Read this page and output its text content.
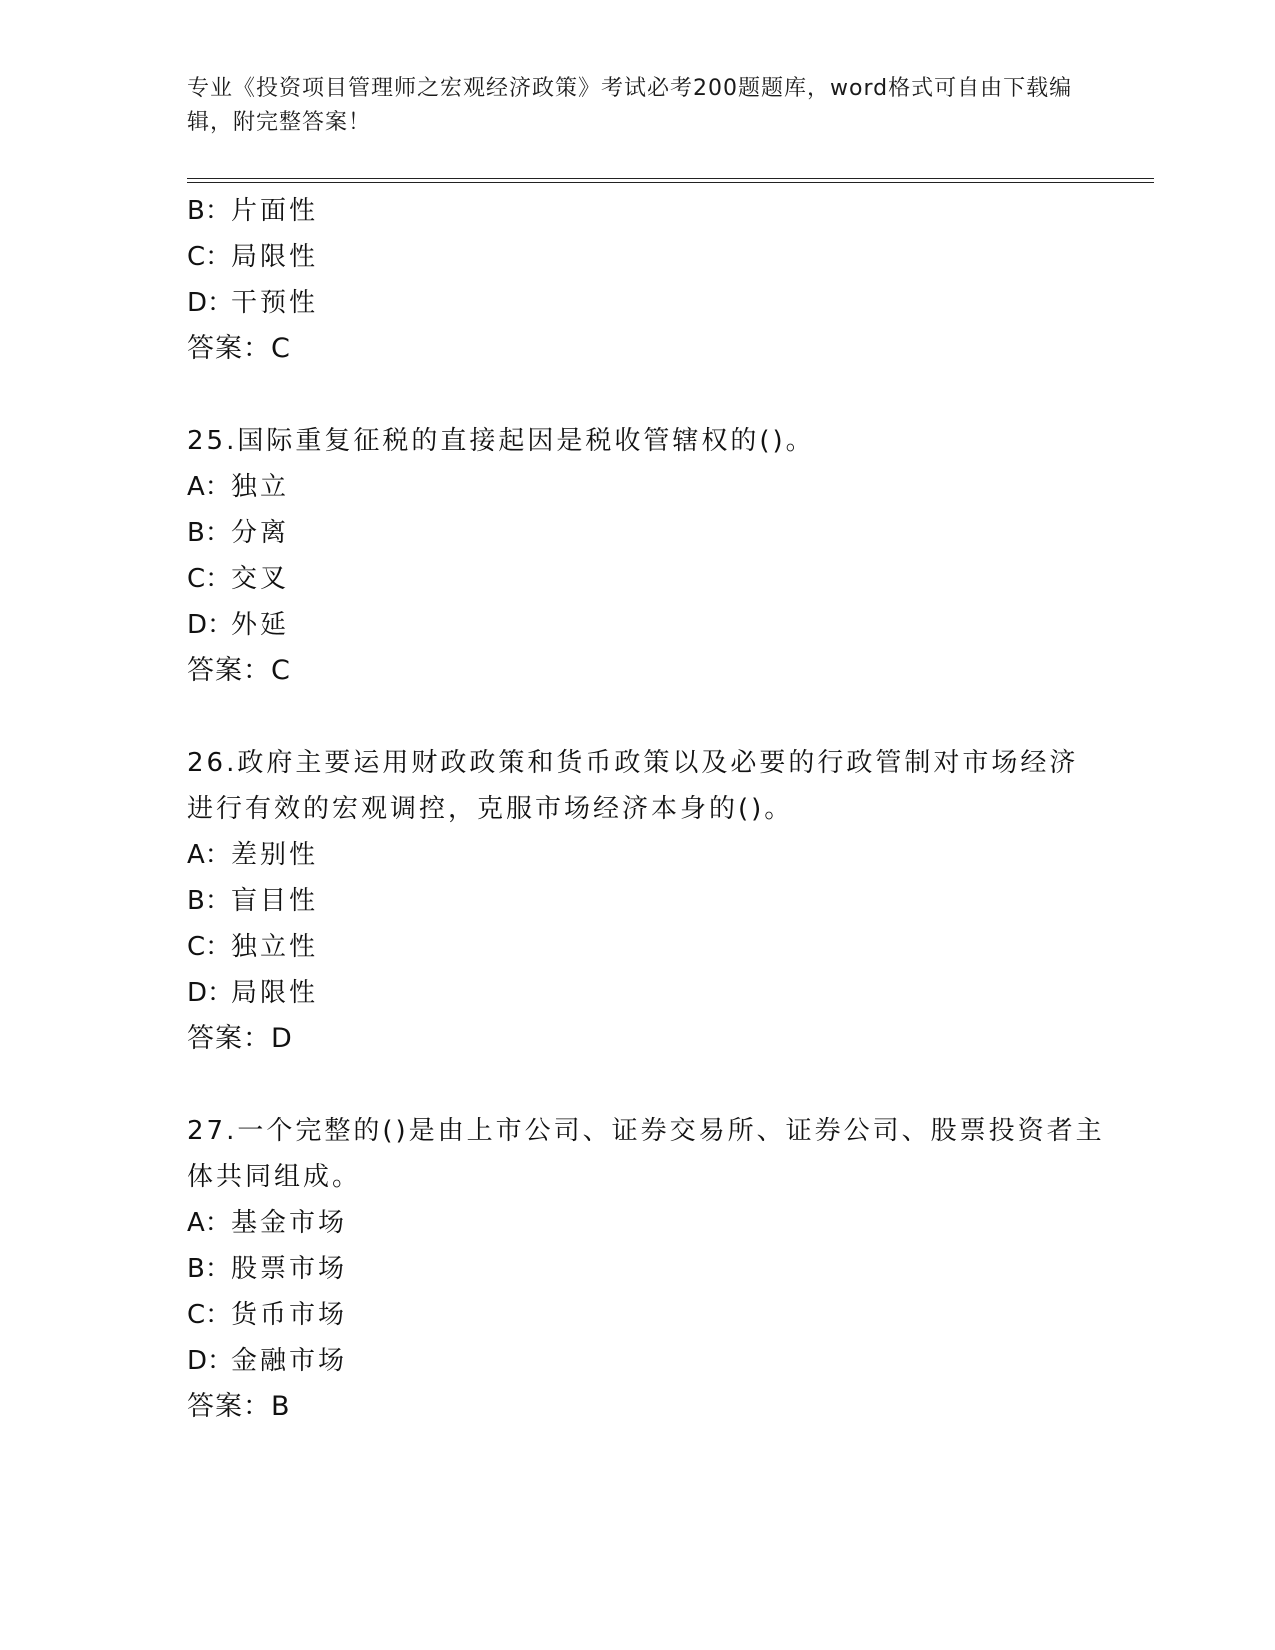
专业《投资项目管理师之宏观经济政策》考试必考200题题库，word格式可自由下载编辑，附完整答案！
B：片面性
C：局限性
D：干预性
答案：C
25.国际重复征税的直接起因是税收管辖权的()。
A：独立
B：分离
C：交叉
D：外延
答案：C
26.政府主要运用财政政策和货币政策以及必要的行政管制对市场经济进行有效的宏观调控，克服市场经济本身的()。
A：差别性
B：盲目性
C：独立性
D：局限性
答案：D
27.一个完整的()是由上市公司、证券交易所、证券公司、股票投资者主体共同组成。
A：基金市场
B：股票市场
C：货币市场
D：金融市场
答案：B
